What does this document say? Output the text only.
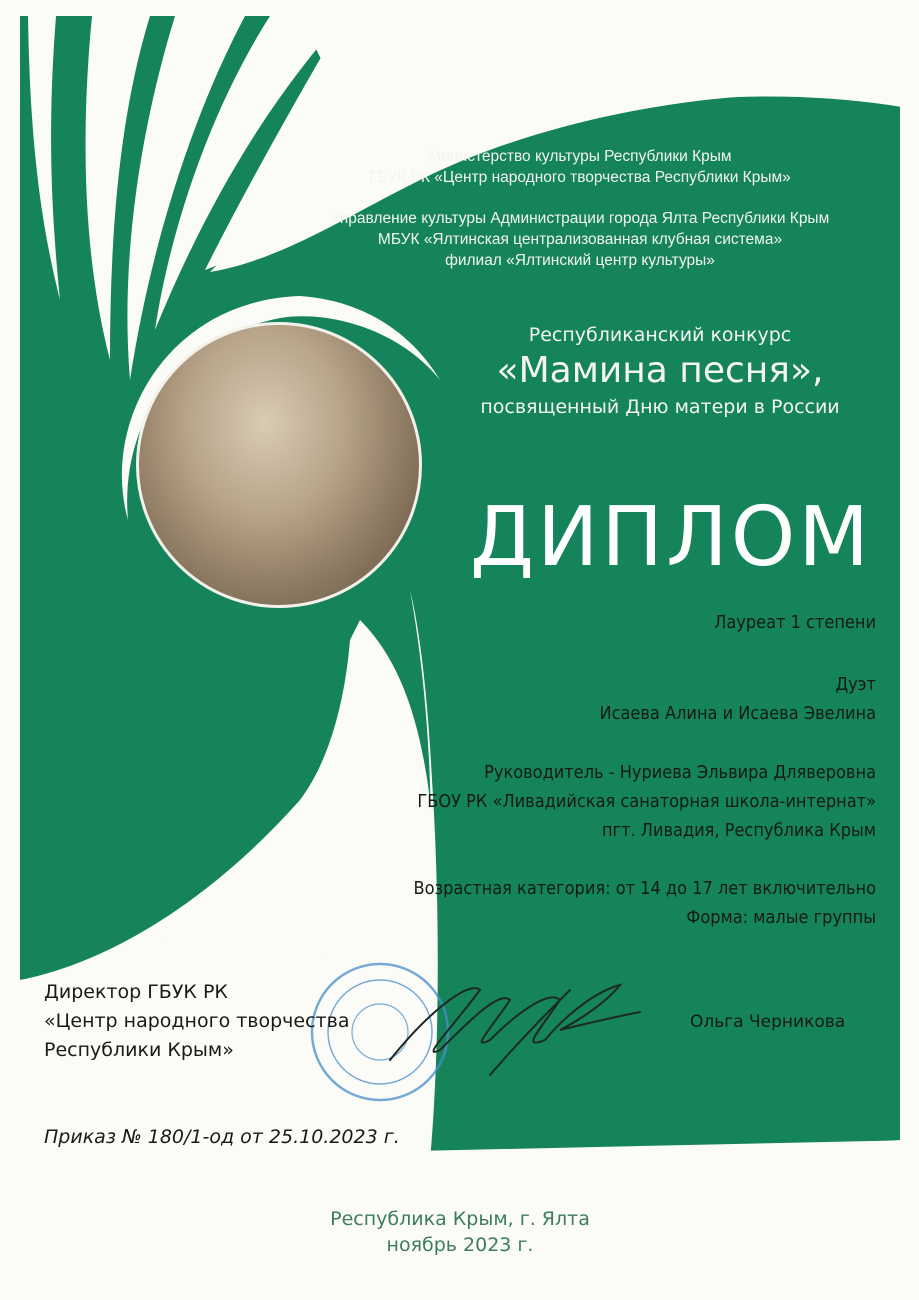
Министерство культуры Республики Крым
ГБУК РК «Центр народного творчества Республики Крым»
Управление культуры Администрации города Ялта Республики Крым
МБУК «Ялтинская централизованная клубная система»
филиал «Ялтинский центр культуры»
Республиканский конкурс
«Мамина песня»,
посвященный Дню матери в России
ДИПЛОМ
Лауреат 1 степени
Дуэт
Исаева Алина и Исаева Эвелина
Руководитель - Нуриева Эльвира Дляверовна
ГБОУ РК «Ливадийская санаторная школа-интернат»
пгт. Ливадия, Республика Крым
Возрастная категория: от 14 до 17 лет включительно
Форма: малые группы
Директор ГБУК РК
«Центр народного творчества
Республики Крым»
Ольга Черникова
Приказ № 180/1-од от 25.10.2023 г.
Республика Крым, г. Ялта
ноябрь 2023 г.
